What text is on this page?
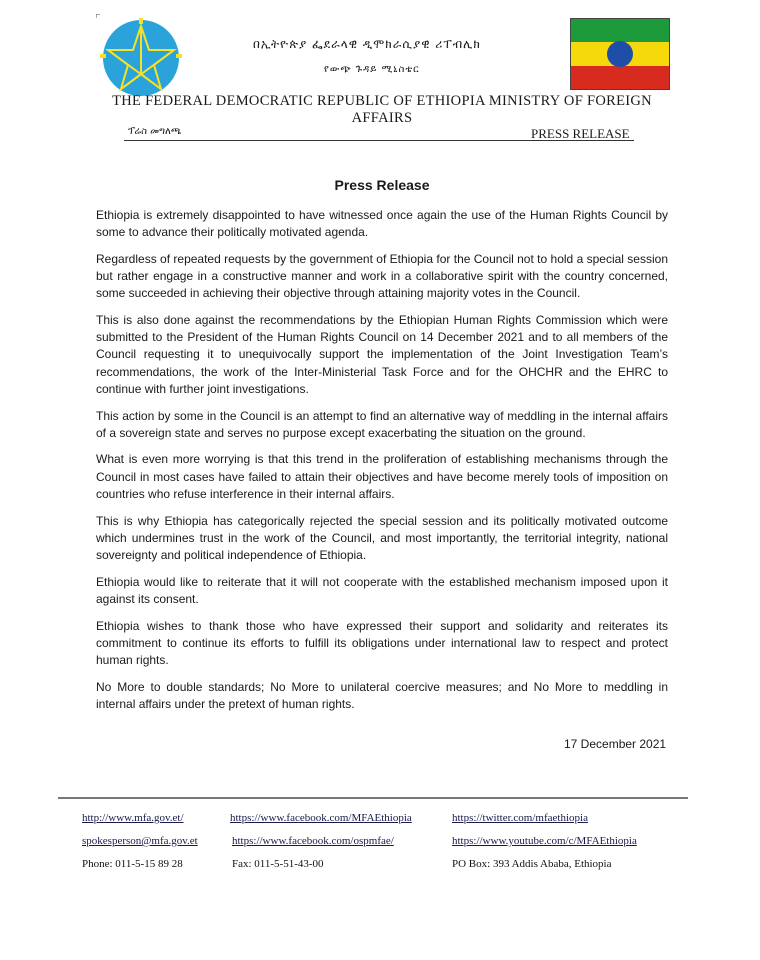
በኢትዮጵያ ፌደራላዊ ዲሞክራሲያዊ ሪፐብሊክ
የውጭ ጉዳይ ሚኒስቴር
THE FEDERAL DEMOCRATIC REPUBLIC OF ETHIOPIA MINISTRY OF FOREIGN AFFAIRS
ፕሬስ መግለጫ	PRESS RELEASE
Press Release

Ethiopia is extremely disappointed to have witnessed once again the use of the Human Rights Council by some to advance their politically motivated agenda.

Regardless of repeated requests by the government of Ethiopia for the Council not to hold a special session but rather engage in a constructive manner and work in a collaborative spirit with the country concerned, some succeeded in achieving their objective through attaining majority votes in the Council.

This is also done against the recommendations by the Ethiopian Human Rights Commission which were submitted to the President of the Human Rights Council on 14 December 2021 and to all members of the Council requesting it to unequivocally support the implementation of the Joint Investigation Team’s recommendations, the work of the Inter-Ministerial Task Force and for the OHCHR and the EHRC to continue with further joint investigations.

This action by some in the Council is an attempt to find an alternative way of meddling in the internal affairs of a sovereign state and serves no purpose except exacerbating the situation on the ground.

What is even more worrying is that this trend in the proliferation of establishing mechanisms through the Council in most cases have failed to attain their objectives and have become merely tools of imposition on countries who refuse interference in their internal affairs.

This is why Ethiopia has categorically rejected the special session and its politically motivated outcome which undermines trust in the work of the Council, and most importantly, the territorial integrity, national sovereignty and political independence of Ethiopia.

Ethiopia would like to reiterate that it will not cooperate with the established mechanism imposed upon it against its consent.

Ethiopia wishes to thank those who have expressed their support and solidarity and reiterates its commitment to continue its efforts to fulfill its obligations under international law to respect and protect human rights.

No More to double standards; No More to unilateral coercive measures; and No More to meddling in internal affairs under the pretext of human rights.

17 December 2021
http://www.mfa.gov.et/	https://www.facebook.com/MFAEthiopia	https://twitter.com/mfaethiopia
spokesperson@mfa.gov.et	https://www.facebook.com/ospmfae/	https://www.youtube.com/c/MFAEthiopia
Phone: 011-5-15 89 28	Fax: 011-5-51-43-00	PO Box: 393 Addis Ababa, Ethiopia
